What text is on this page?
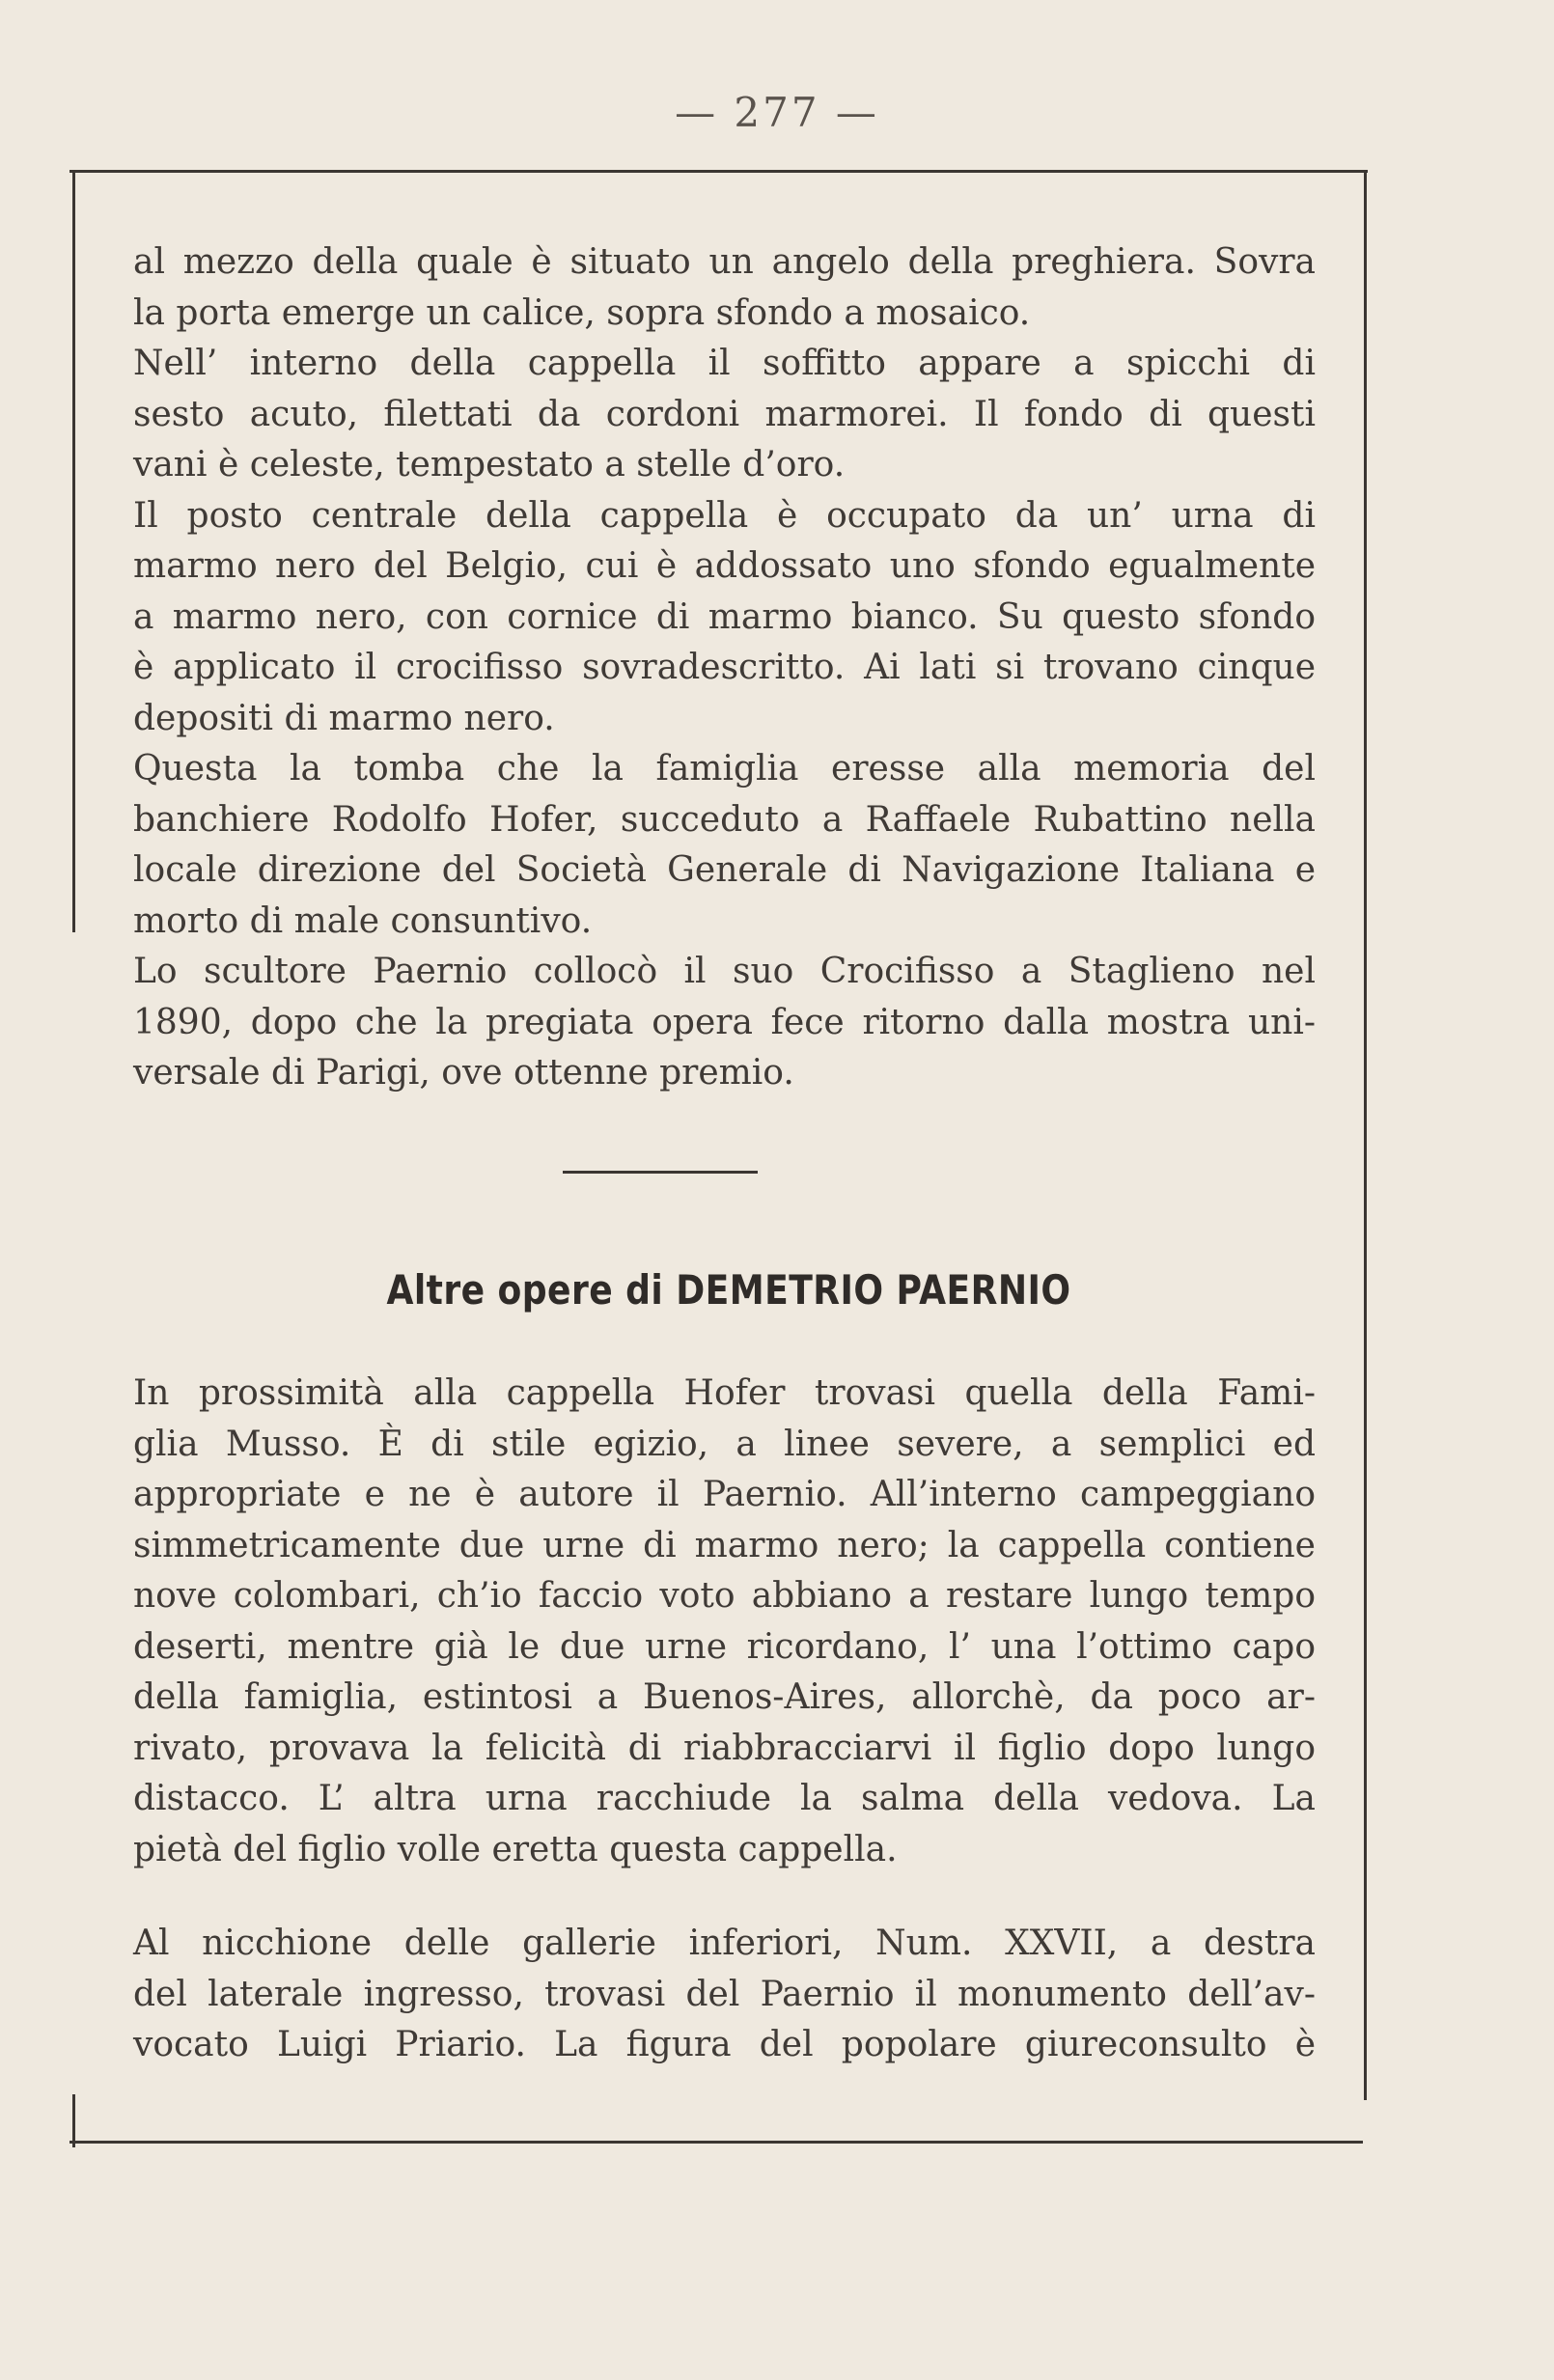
— 277 —
al mezzo della quale è situato un angelo della preghiera. Sovra
la porta emerge un calice, sopra sfondo a mosaico.
Nell’ interno della cappella il soffitto appare a spicchi di
sesto acuto, filettati da cordoni marmorei. Il fondo di questi
vani è celeste, tempestato a stelle d’oro.
Il posto centrale della cappella è occupato da un’ urna di
marmo nero del Belgio, cui è addossato uno sfondo egualmente
a marmo nero, con cornice di marmo bianco. Su questo sfondo
è applicato il crocifisso sovradescritto. Ai lati si trovano cinque
depositi di marmo nero.
Questa la tomba che la famiglia eresse alla memoria del
banchiere Rodolfo Hofer, succeduto a Raffaele Rubattino nella
locale direzione del Società Generale di Navigazione Italiana e
morto di male consuntivo.
Lo scultore Paernio collocò il suo Crocifisso a Staglieno nel
1890, dopo che la pregiata opera fece ritorno dalla mostra uni-
versale di Parigi, ove ottenne premio.
Altre opere di DEMETRIO PAERNIO
In prossimità alla cappella Hofer trovasi quella della Fami-
glia Musso. È di stile egizio, a linee severe, a semplici ed
appropriate e ne è autore il Paernio. All’interno campeggiano
simmetricamente due urne di marmo nero; la cappella contiene
nove colombari, ch’io faccio voto abbiano a restare lungo tempo
deserti, mentre già le due urne ricordano, l’ una l’ottimo capo
della famiglia, estintosi a Buenos-Aires, allorchè, da poco ar-
rivato, provava la felicità di riabbracciarvi il figlio dopo lungo
distacco. L’ altra urna racchiude la salma della vedova. La
pietà del figlio volle eretta questa cappella.
Al nicchione delle gallerie inferiori, Num. XXVII, a destra
del laterale ingresso, trovasi del Paernio il monumento dell’av-
vocato Luigi Priario. La figura del popolare giureconsulto è
